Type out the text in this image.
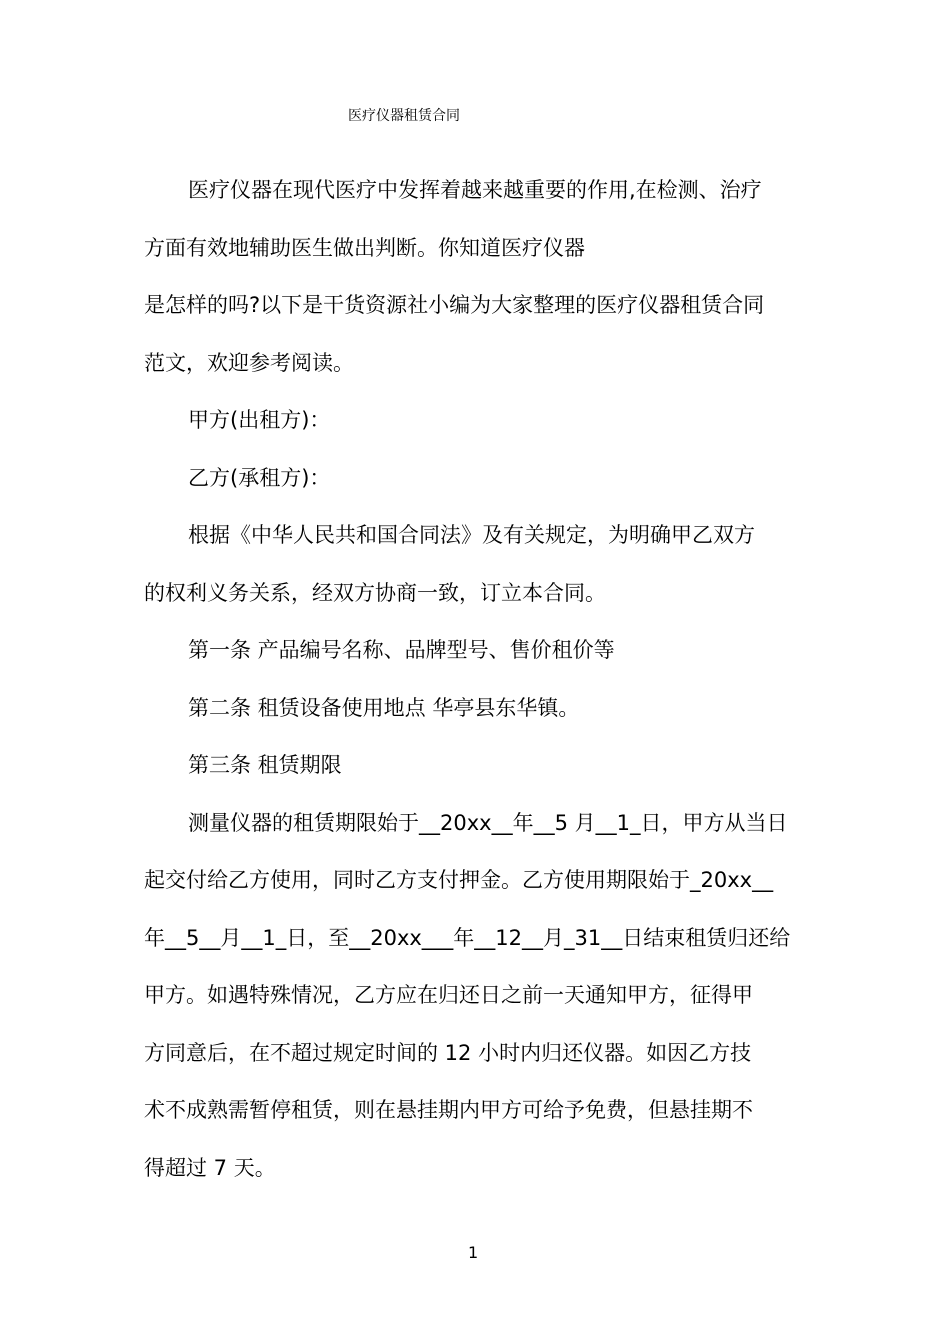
医疗仪器租赁合同
医疗仪器在现代医疗中发挥着越来越重要的作用,在检测、治疗
方面有效地辅助医生做出判断。你知道医疗仪器
是怎样的吗?以下是干货资源社小编为大家整理的医疗仪器租赁合同
范文，欢迎参考阅读。
甲方(出租方)：
乙方(承租方)：
根据《中华人民共和国合同法》及有关规定，为明确甲乙双方
的权利义务关系，经双方协商一致，订立本合同。
第一条 产品编号名称、品牌型号、售价租价等
第二条 租赁设备使用地点 华亭县东华镇。
第三条 租赁期限
测量仪器的租赁期限始于__20xx__年__5 月__1_日，甲方从当日
起交付给乙方使用，同时乙方支付押金。乙方使用期限始于_20xx__
年__5__月__1_日，至__20xx___年__12__月_31__日结束租赁归还给
甲方。如遇特殊情况，乙方应在归还日之前一天通知甲方，征得甲
方同意后，在不超过规定时间的 12 小时内归还仪器。如因乙方技
术不成熟需暂停租赁，则在悬挂期内甲方可给予免费，但悬挂期不
得超过 7 天。
1
